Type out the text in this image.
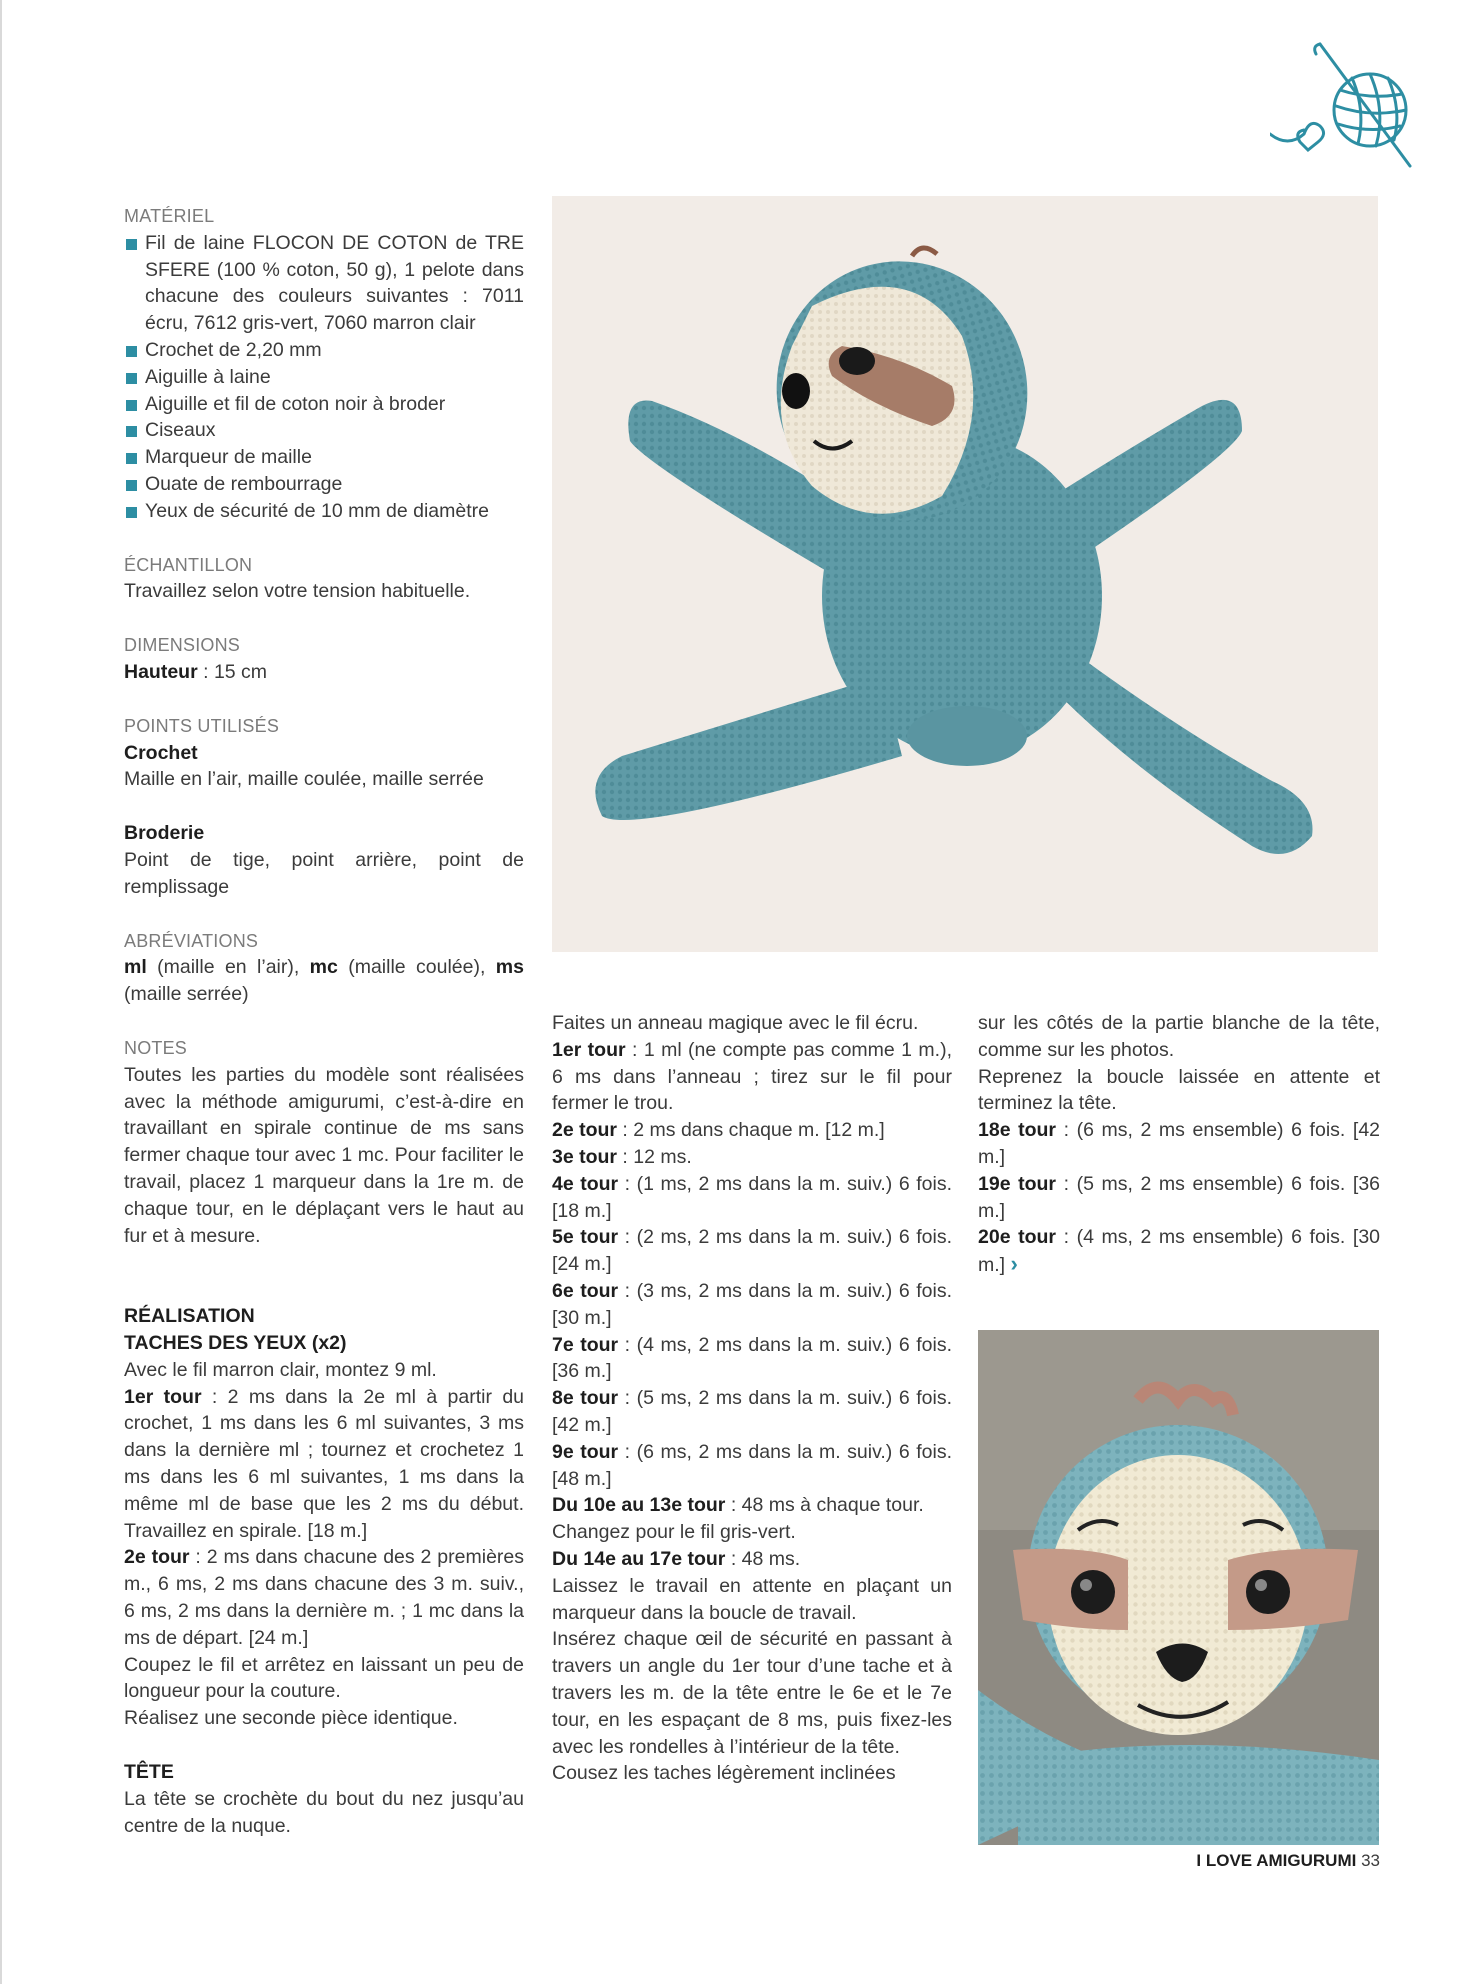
MATÉRIEL
Fil de laine FLOCON DE COTON de TRE SFERE (100 % coton, 50 g), 1 pelote dans chacune des couleurs suivantes : 7011 écru, 7612 gris-vert, 7060 marron clair
Crochet de 2,20 mm
Aiguille à laine
Aiguille et fil de coton noir à broder
Ciseaux
Marqueur de maille
Ouate de rembourrage
Yeux de sécurité de 10 mm de diamètre
ÉCHANTILLON

Travaillez selon votre tension habituelle.

DIMENSIONS

Hauteur : 15 cm

POINTS UTILISÉS

Crochet

Maille en l’air, maille coulée, maille serrée

Broderie

Point de tige, point arrière, point de remplissage

ABRÉVIATIONS

ml (maille en l’air), mc (maille coulée), ms (maille serrée)

NOTES

Toutes les parties du modèle sont réalisées avec la méthode amigurumi, c’est-à-dire en travaillant en spirale continue de ms sans fermer chaque tour avec 1 mc. Pour faciliter le travail, placez 1 marqueur dans la 1re m. de chaque tour, en le déplaçant vers le haut au fur et à mesure.

RÉALISATION

TACHES DES YEUX (x2)

Avec le fil marron clair, montez 9 ml.

1er tour : 2 ms dans la 2e ml à partir du crochet, 1 ms dans les 6 ml suivantes, 3 ms dans la dernière ml ; tournez et crochetez 1 ms dans les 6 ml suivantes, 1 ms dans la même ml de base que les 2 ms du début. Travaillez en spirale. [18 m.]

2e tour : 2 ms dans chacune des 2 premières m., 6 ms, 2 ms dans chacune des 3 m. suiv., 6 ms, 2 ms dans la dernière m. ; 1 mc dans la ms de départ. [24 m.]

Coupez le fil et arrêtez en laissant un peu de longueur pour la couture.

Réalisez une seconde pièce identique.

TÊTE

La tête se crochète du bout du nez jusqu’au centre de la nuque.

Faites un anneau magique avec le fil écru.

1er tour : 1 ml (ne compte pas comme 1 m.), 6 ms dans l’anneau ; tirez sur le fil pour fermer le trou.

2e tour : 2 ms dans chaque m. [12 m.]

3e tour : 12 ms.

4e tour : (1 ms, 2 ms dans la m. suiv.) 6 fois. [18 m.]

5e tour : (2 ms, 2 ms dans la m. suiv.) 6 fois. [24 m.]

6e tour : (3 ms, 2 ms dans la m. suiv.) 6 fois. [30 m.]

7e tour : (4 ms, 2 ms dans la m. suiv.) 6 fois. [36 m.]

8e tour : (5 ms, 2 ms dans la m. suiv.) 6 fois. [42 m.]

9e tour : (6 ms, 2 ms dans la m. suiv.) 6 fois. [48 m.]

Du 10e au 13e tour : 48 ms à chaque tour.

Changez pour le fil gris-vert.

Du 14e au 17e tour : 48 ms.

Laissez le travail en attente en plaçant un marqueur dans la boucle de travail.

Insérez chaque œil de sécurité en passant à travers un angle du 1er tour d’une tache et à travers les m. de la tête entre le 6e et le 7e tour, en les espaçant de 8 ms, puis fixez-les avec les rondelles à l’intérieur de la tête.

Cousez les taches légèrement inclinées

sur les côtés de la partie blanche de la tête, comme sur les photos.

Reprenez la boucle laissée en attente et terminez la tête.

18e tour : (6 ms, 2 ms ensemble) 6 fois. [42 m.]

19e tour : (5 ms, 2 ms ensemble) 6 fois. [36 m.]

20e tour : (4 ms, 2 ms ensemble) 6 fois. [30 m.] ›

I LOVE AMIGURUMI 33
